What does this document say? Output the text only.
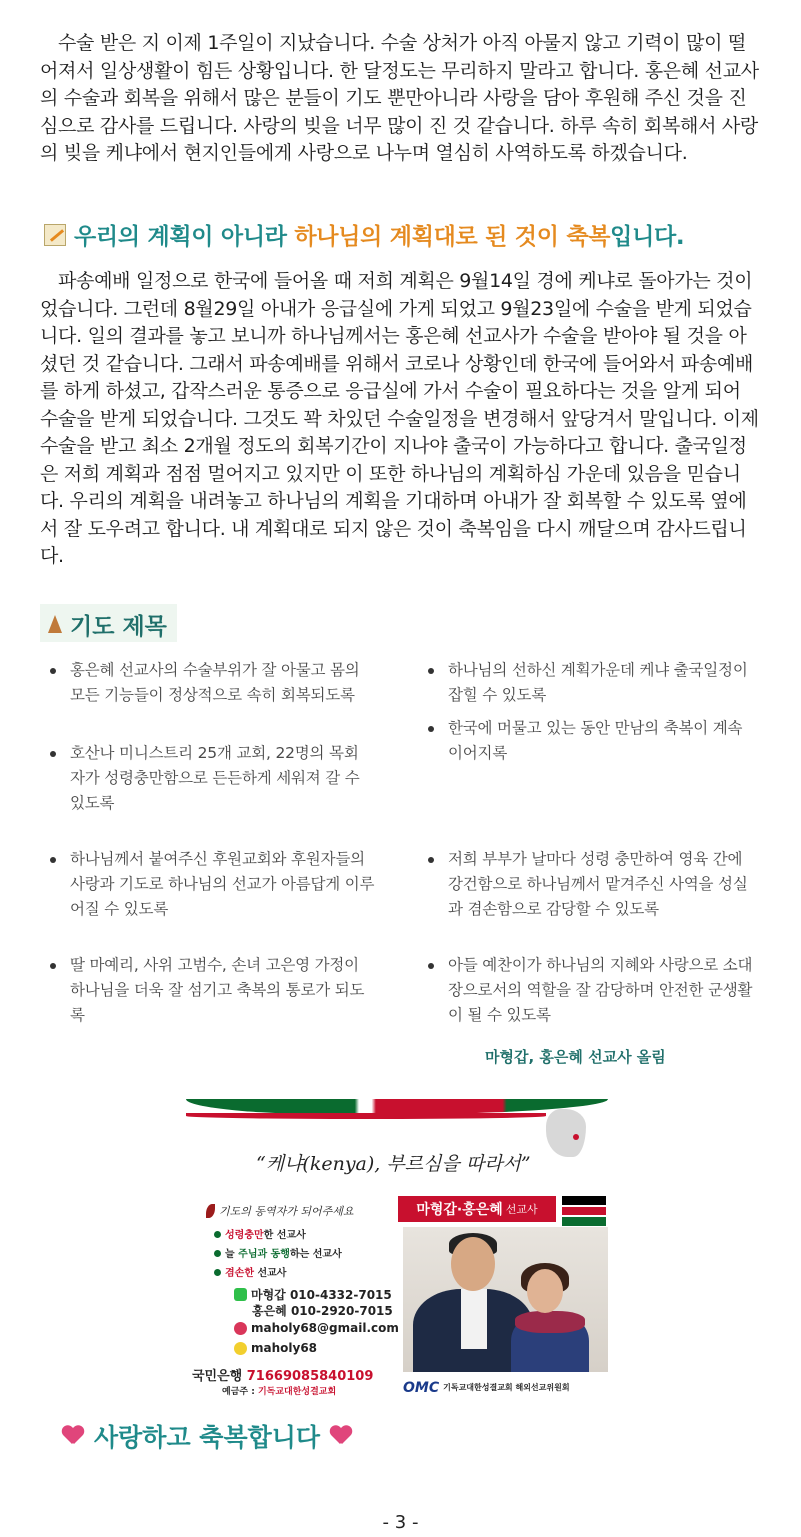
수술 받은 지 이제 1주일이 지났습니다. 수술 상처가 아직 아물지 않고 기력이 많이 떨어져서 일상생활이 힘든 상황입니다. 한 달정도는 무리하지 말라고 합니다. 홍은혜 선교사의 수술과 회복을 위해서 많은 분들이 기도 뿐만아니라 사랑을 담아 후원해 주신 것을 진심으로 감사를 드립니다. 사랑의 빚을 너무 많이 진 것 같습니다. 하루 속히 회복해서 사랑의 빚을 케냐에서 현지인들에게 사랑으로 나누며 열심히 사역하도록 하겠습니다.

우리의 계획이 아니라 하나님의 계획대로 된 것이 축복입니다.

파송예배 일정으로 한국에 들어올 때 저희 계획은 9월14일 경에 케냐로 돌아가는 것이었습니다. 그런데 8월29일 아내가 응급실에 가게 되었고 9월23일에 수술을 받게 되었습니다. 일의 결과를 놓고 보니까 하나님께서는 홍은혜 선교사가 수술을 받아야 될 것을 아셨던 것 같습니다. 그래서 파송예배를 위해서 코로나 상황인데 한국에 들어와서 파송예배를 하게 하셨고, 갑작스러운 통증으로 응급실에 가서 수술이 필요하다는 것을 알게 되어 수술을 받게 되었습니다. 그것도 꽉 차있던 수술일정을 변경해서 앞당겨서 말입니다. 이제 수술을 받고 최소 2개월 정도의 회복기간이 지나야 출국이 가능하다고 합니다. 출국일정은 저희 계획과 점점 멀어지고 있지만 이 또한 하나님의 계획하심 가운데 있음을 믿습니다. 우리의 계획을 내려놓고 하나님의 계획을 기대하며 아내가 잘 회복할 수 있도록 옆에서 잘 도우려고 합니다. 내 계획대로 되지 않은 것이 축복임을 다시 깨달으며 감사드립니다.

기도 제목
홍은혜 선교사의 수술부위가 잘 아물고 몸의 모든 기능들이 정상적으로 속히 회복되도록
호산나 미니스트리 25개 교회, 22명의 목회자가 성령충만함으로 든든하게 세워져 갈 수 있도록
하나님께서 붙여주신 후원교회와 후원자들의 사랑과 기도로 하나님의 선교가 아름답게 이루어질 수 있도록
딸 마예리, 사위 고범수, 손녀 고은영 가정이 하나님을 더욱 잘 섬기고 축복의 통로가 되도록
하나님의 선하신 계획가운데 케냐 출국일정이 잡힐 수 있도록
한국에 머물고 있는 동안 만남의 축복이 계속이어지록
저희 부부가 날마다 성령 충만하여 영육 간에 강건함으로 하나님께서 맡겨주신 사역을 성실과 겸손함으로 감당할 수 있도록
아들 예찬이가 하나님의 지혜와 사랑으로 소대장으로서의 역할을 잘 감당하며 안전한 군생활이 될 수 있도록
마형갑, 홍은혜 선교사 올림
“케냐(kenya), 부르심을 따라서”
기도의 동역자가 되어주세요	마형갑·홍은혜 선교사
성령충만한 선교사
늘 주님과 동행하는 선교사
겸손한 선교사
마형갑 010-4332-7015
홍은혜 010-2920-7015
maholy68@gmail.com
maholy68
국민은행 71669085840109
예금주 : 기독교대한성결교회	OMC 기독교대한성결교회 해외선교위원회
사랑하고 축복합니다
- 3 -
